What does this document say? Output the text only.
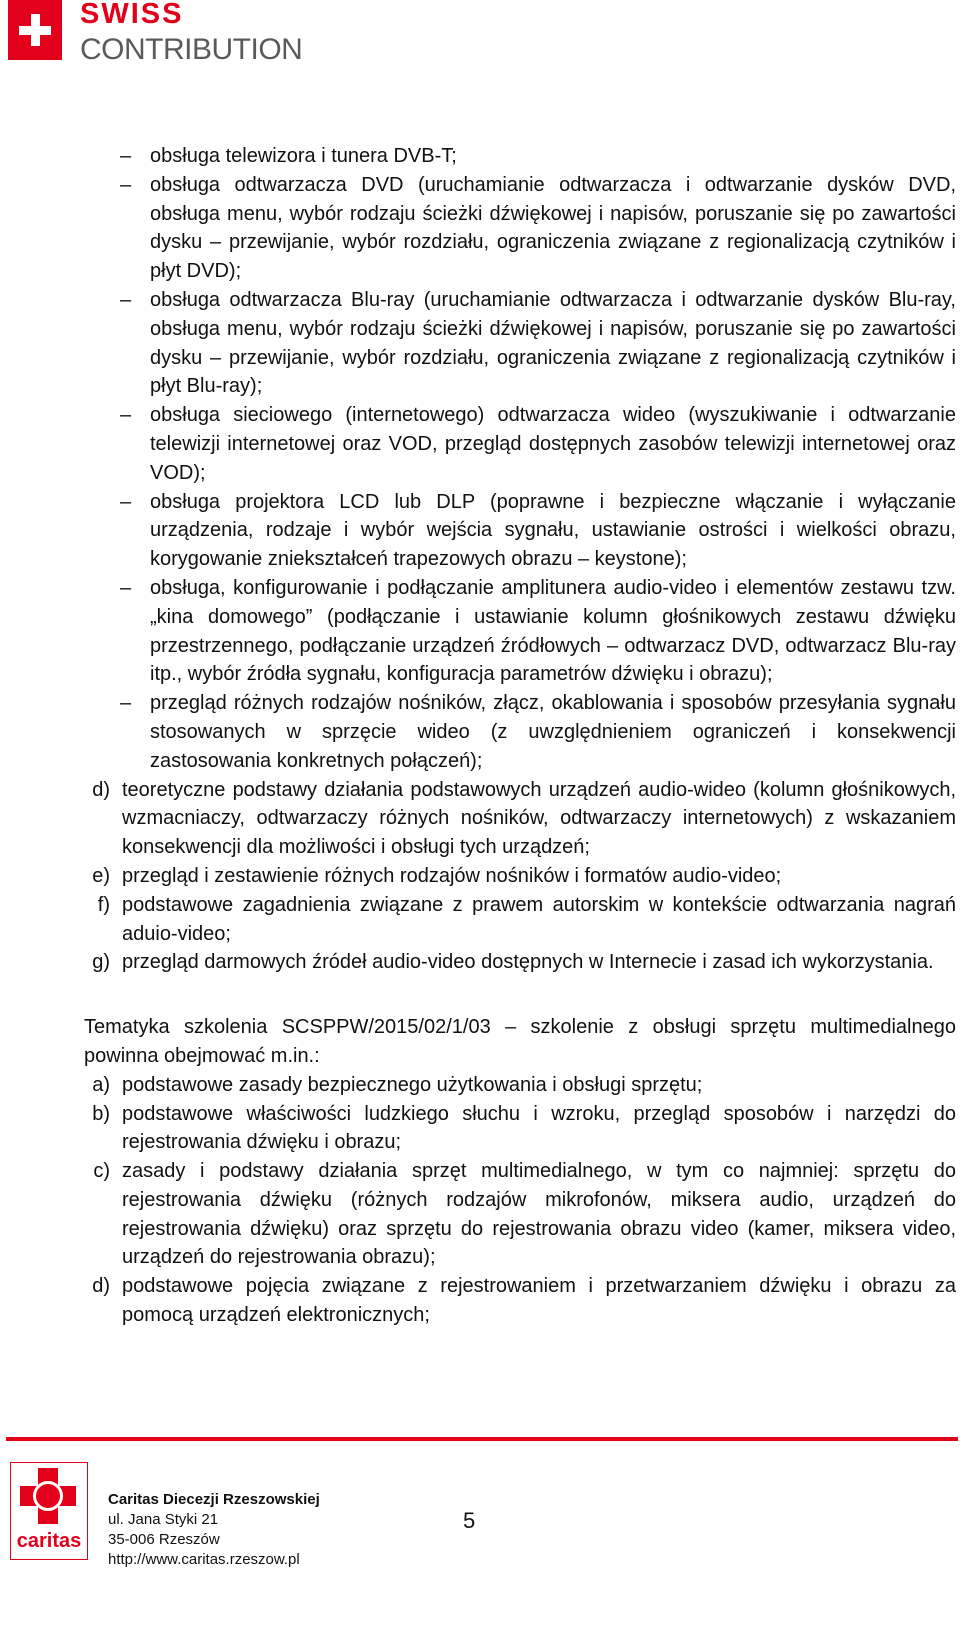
SWISS
CONTRIBUTION
– obsługa telewizora i tunera DVB-T;
– obsługa odtwarzacza DVD (uruchamianie odtwarzacza i odtwarzanie dysków DVD, obsługa menu, wybór rodzaju ścieżki dźwiękowej i napisów, poruszanie się po zawartości dysku – przewijanie, wybór rozdziału, ograniczenia związane z regionalizacją czytników i płyt DVD);
– obsługa odtwarzacza Blu-ray (uruchamianie odtwarzacza i odtwarzanie dysków Blu-ray, obsługa menu, wybór rodzaju ścieżki dźwiękowej i napisów, poruszanie się po zawartości dysku – przewijanie, wybór rozdziału, ograniczenia związane z regionalizacją czytników i płyt Blu-ray);
– obsługa sieciowego (internetowego) odtwarzacza wideo (wyszukiwanie i odtwarzanie telewizji internetowej oraz VOD, przegląd dostępnych zasobów telewizji internetowej oraz VOD);
– obsługa projektora LCD lub DLP (poprawne i bezpieczne włączanie i wyłączanie urządzenia, rodzaje i wybór wejścia sygnału, ustawianie ostrości i wielkości obrazu, korygowanie zniekształceń trapezowych obrazu – keystone);
– obsługa, konfigurowanie i podłączanie amplitunera audio-video i elementów zestawu tzw. „kina domowego” (podłączanie i ustawianie kolumn głośnikowych zestawu dźwięku przestrzennego, podłączanie urządzeń źródłowych – odtwarzacz DVD, odtwarzacz Blu-ray itp., wybór źródła sygnału, konfiguracja parametrów dźwięku i obrazu);
– przegląd różnych rodzajów nośników, złącz, okablowania i sposobów przesyłania sygnału stosowanych w sprzęcie wideo (z uwzględnieniem ograniczeń i konsekwencji zastosowania konkretnych połączeń);
d) teoretyczne podstawy działania podstawowych urządzeń audio-wideo (kolumn głośnikowych, wzmacniaczy, odtwarzaczy różnych nośników, odtwarzaczy internetowych) z wskazaniem konsekwencji dla możliwości i obsługi tych urządzeń;
e) przegląd i zestawienie różnych rodzajów nośników i formatów audio-video;
f) podstawowe zagadnienia związane z prawem autorskim w kontekście odtwarzania nagrań aduio-video;
g) przegląd darmowych źródeł audio-video dostępnych w Internecie i zasad ich wykorzystania.

Tematyka szkolenia SCSPPW/2015/02/1/03 – szkolenie z obsługi sprzętu multimedialnego powinna obejmować m.in.:

a) podstawowe zasady bezpiecznego użytkowania i obsługi sprzętu;
b) podstawowe właściwości ludzkiego słuchu i wzroku, przegląd sposobów i narzędzi do rejestrowania dźwięku i obrazu;
c) zasady i podstawy działania sprzęt multimedialnego, w tym co najmniej: sprzętu do rejestrowania dźwięku (różnych rodzajów mikrofonów, miksera audio, urządzeń do rejestrowania dźwięku) oraz sprzętu do rejestrowania obrazu video (kamer, miksera video, urządzeń do rejestrowania obrazu);
d) podstawowe pojęcia związane z rejestrowaniem i przetwarzaniem dźwięku i obrazu za pomocą urządzeń elektronicznych;
caritas
Caritas Diecezji Rzeszowskiej
ul. Jana Styki 21
35-006 Rzeszów
http://www.caritas.rzeszow.pl
5
